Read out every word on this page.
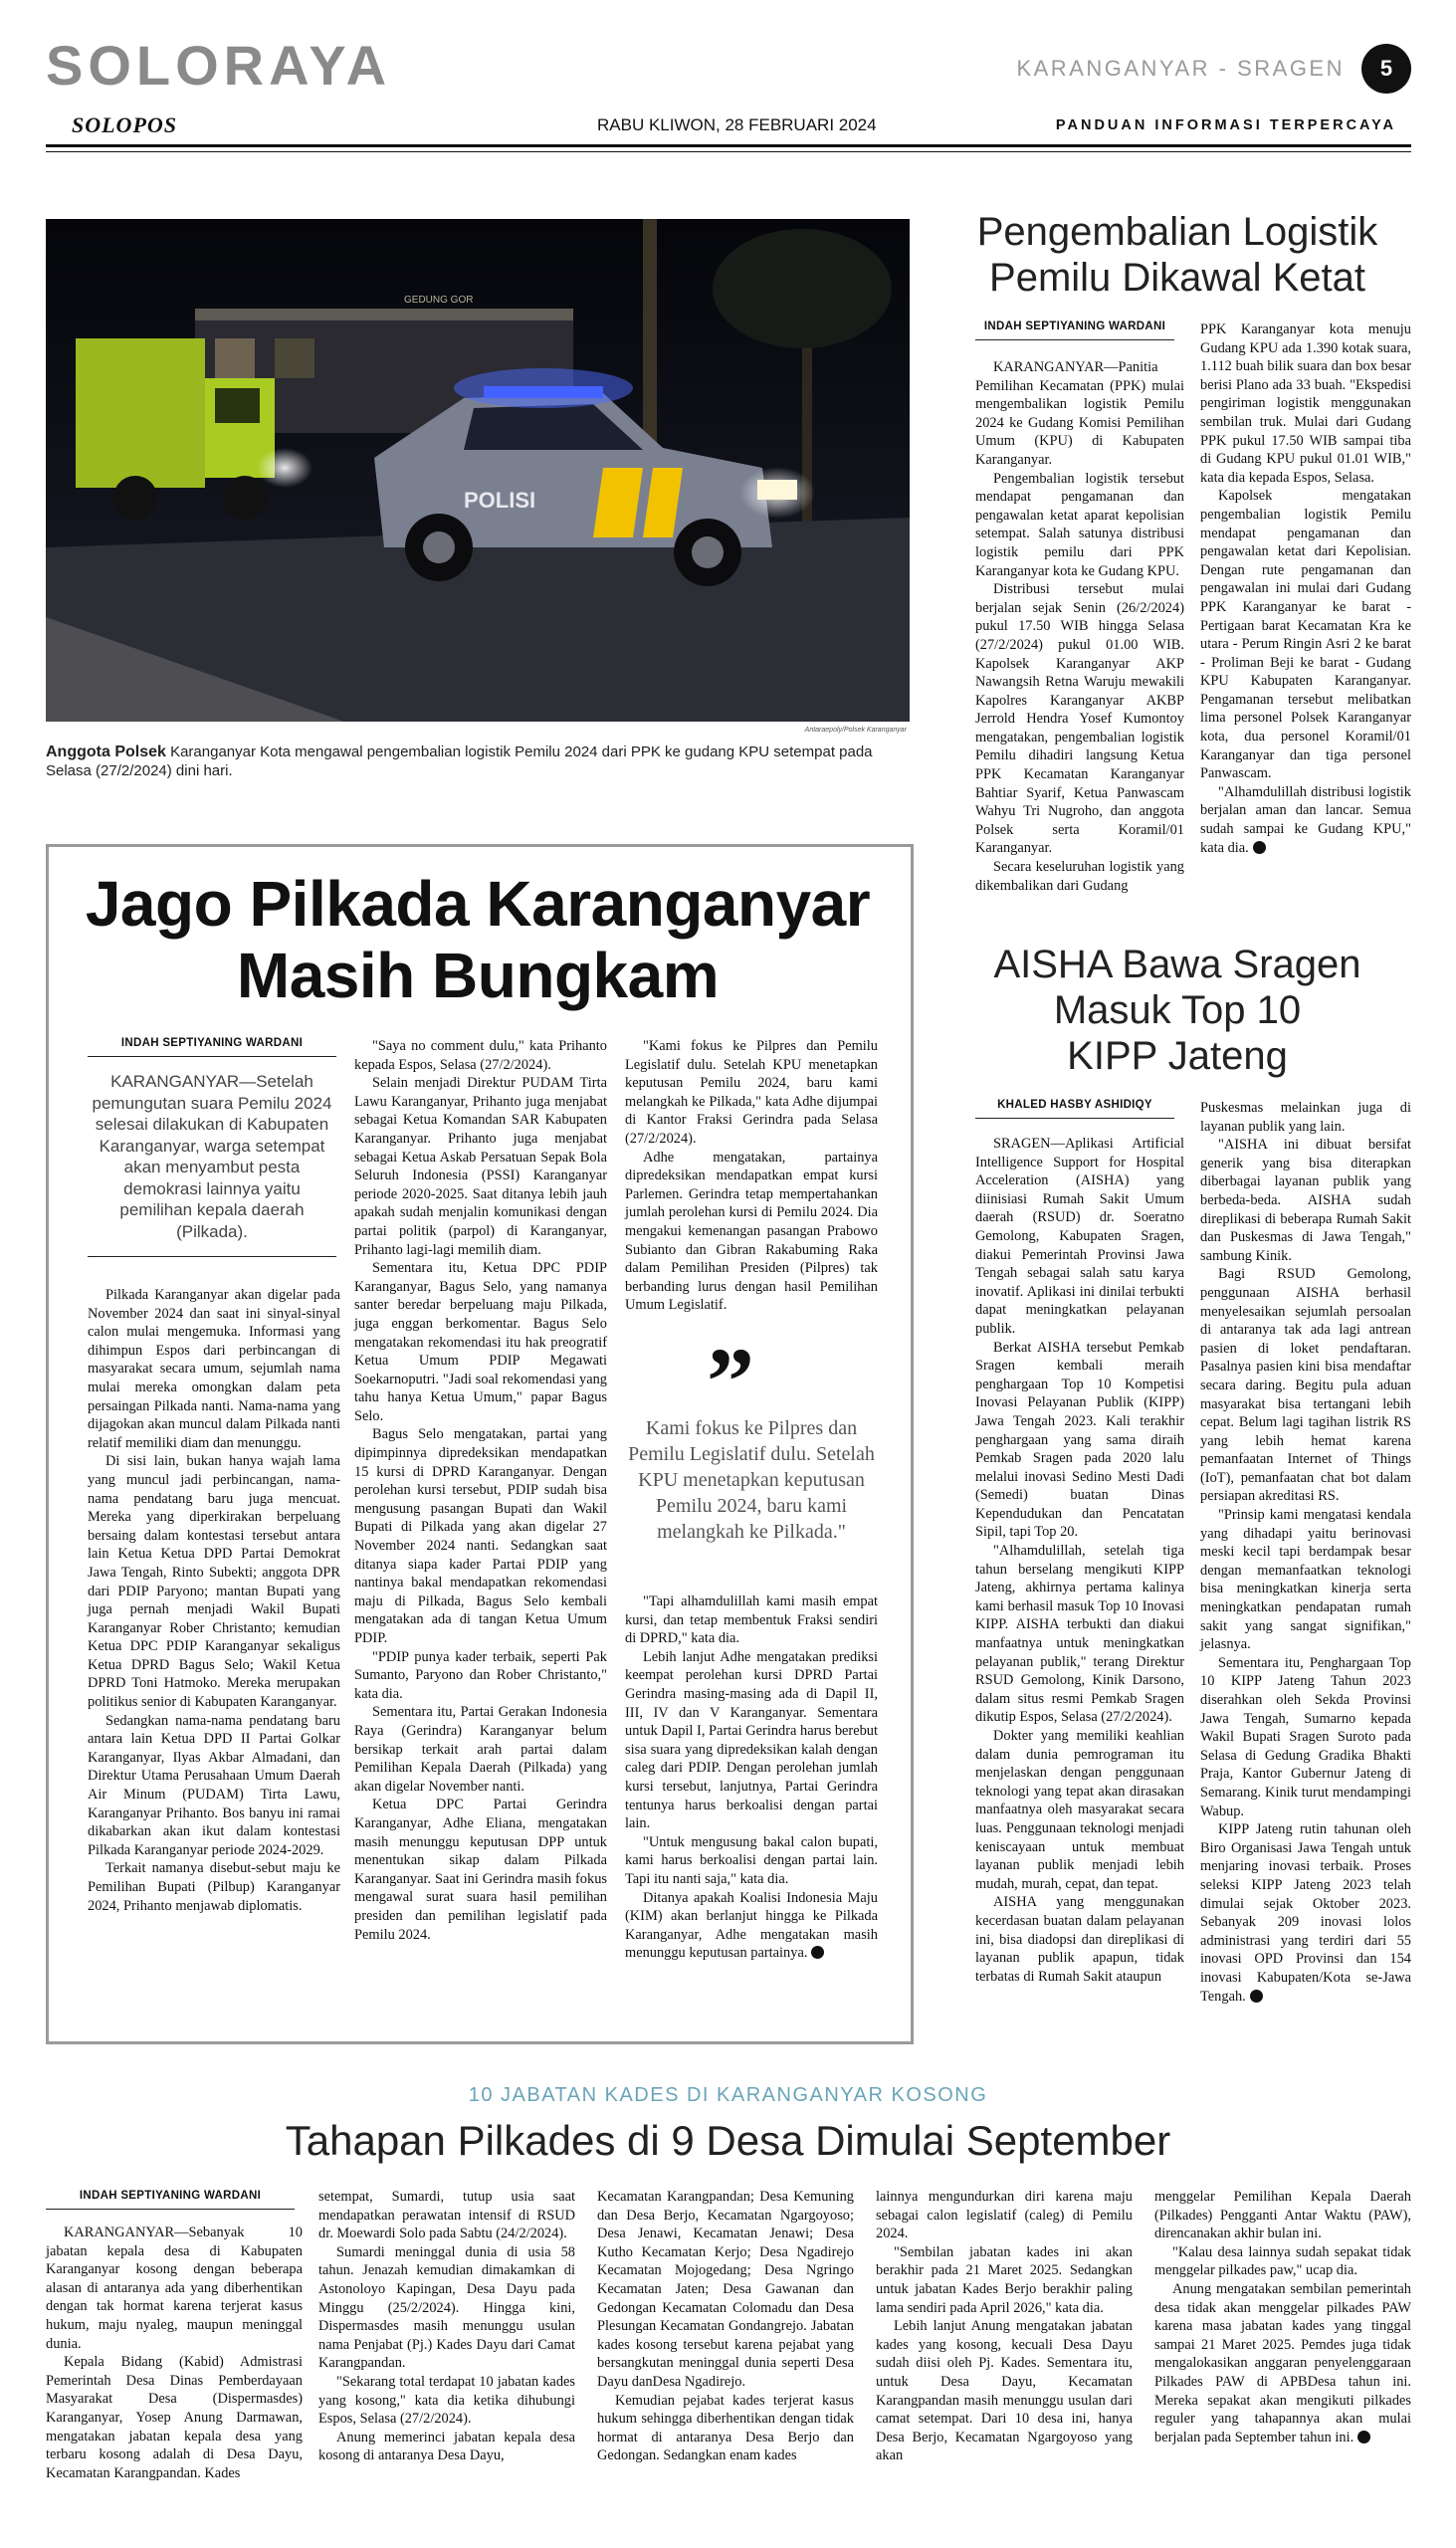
SOLORAYA
SOLOPOS	RABU KLIWON, 28 FEBRUARI 2024
KARANGANYAR - SRAGEN	5
PANDUAN INFORMASI TERPERCAYA
GEDUNG GOR
POLISI
Antaraepoly/Polsek Karanganyar
Anggota Polsek Karanganyar Kota mengawal pengembalian logistik Pemilu 2024 dari PPK ke gudang KPU setempat pada Selasa (27/2/2024) dini hari.
Pengembalian Logistik
Pemilu Dikawal Ketat
INDAH SEPTIYANING WARDANI

KARANGANYAR—Panitia Pemilihan Kecamatan (PPK) mulai mengembalikan logistik Pemilu 2024 ke Gudang Komisi Pemilihan Umum (KPU) di Kabupaten Karanganyar.

Pengembalian logistik tersebut mendapat pengamanan dan pengawalan ketat aparat kepolisian setempat. Salah satunya distribusi logistik pemilu dari PPK Karanganyar kota ke Gudang KPU.

Distribusi tersebut mulai berjalan sejak Senin (26/2/2024) pukul 17.50 WIB hingga Selasa (27/2/2024) pukul 01.00 WIB. Kapolsek Karanganyar AKP Nawangsih Retna Waruju mewakili Kapolres Karanganyar AKBP Jerrold Hendra Yosef Kumontoy mengatakan, pengembalian logistik Pemilu dihadiri langsung Ketua PPK Kecamatan Karanganyar Bahtiar Syarif, Ketua Panwascam Wahyu Tri Nugroho, dan anggota Polsek serta Koramil/01 Karanganyar.

Secara keseluruhan logistik yang dikembalikan dari Gudang

PPK Karanganyar kota menuju Gudang KPU ada 1.390 kotak suara, 1.112 buah bilik suara dan box besar berisi Plano ada 33 buah. "Ekspedisi pengiriman logistik menggunakan sembilan truk. Mulai dari Gudang PPK pukul 17.50 WIB sampai tiba di Gudang KPU pukul 01.01 WIB," kata dia kepada Espos, Selasa.

Kapolsek mengatakan pengembalian logistik Pemilu mendapat pengamanan dan pengawalan ketat dari Kepolisian. Dengan rute pengamanan dan pengawalan ini mulai dari Gudang PPK Karanganyar ke barat - Pertigaan barat Kecamatan Kra ke utara - Perum Ringin Asri 2 ke barat - Proliman Beji ke barat - Gudang KPU Kabupaten Karanganyar. Pengamanan tersebut melibatkan lima personel Polsek Karanganyar kota, dua personel Koramil/01 Karanganyar dan tiga personel Panwascam.

"Alhamdulillah distribusi logistik berjalan aman dan lancar. Semua sudah sampai ke Gudang KPU," kata dia.

Jago Pilkada Karanganyar
Masih Bungkam
INDAH SEPTIYANING WARDANI
KARANGANYAR—Setelah pemungutan suara Pemilu 2024 selesai dilakukan di Kabupaten Karanganyar, warga setempat akan menyambut pesta demokrasi lainnya yaitu pemilihan kepala daerah (Pilkada).

Pilkada Karanganyar akan digelar pada November 2024 dan saat ini sinyal-sinyal calon mulai mengemuka. Informasi yang dihimpun Espos dari perbincangan di masyarakat secara umum, sejumlah nama mulai mereka omongkan dalam peta persaingan Pilkada nanti. Nama-nama yang dijagokan akan muncul dalam Pilkada nanti relatif memiliki diam dan menunggu.

Di sisi lain, bukan hanya wajah lama yang muncul jadi perbincangan, nama-nama pendatang baru juga mencuat. Mereka yang diperkirakan berpeluang bersaing dalam kontestasi tersebut antara lain Ketua Ketua DPD Partai Demokrat Jawa Tengah, Rinto Subekti; anggota DPR dari PDIP Paryono; mantan Bupati yang juga pernah menjadi Wakil Bupati Karanganyar Rober Christanto; kemudian Ketua DPC PDIP Karanganyar sekaligus Ketua DPRD Bagus Selo; Wakil Ketua DPRD Toni Hatmoko. Mereka merupakan politikus senior di Kabupaten Karanganyar.

Sedangkan nama-nama pendatang baru antara lain Ketua DPD II Partai Golkar Karanganyar, Ilyas Akbar Almadani, dan Direktur Utama Perusahaan Umum Daerah Air Minum (PUDAM) Tirta Lawu, Karanganyar Prihanto. Bos banyu ini ramai dikabarkan akan ikut dalam kontestasi Pilkada Karanganyar periode 2024-2029.

Terkait namanya disebut-sebut maju ke Pemilihan Bupati (Pilbup) Karanganyar 2024, Prihanto menjawab diplomatis.

"Saya no comment dulu," kata Prihanto kepada Espos, Selasa (27/2/2024).

Selain menjadi Direktur PUDAM Tirta Lawu Karanganyar, Prihanto juga menjabat sebagai Ketua Komandan SAR Kabupaten Karanganyar. Prihanto juga menjabat sebagai Ketua Askab Persatuan Sepak Bola Seluruh Indonesia (PSSI) Karanganyar periode 2020-2025. Saat ditanya lebih jauh apakah sudah menjalin komunikasi dengan partai politik (parpol) di Karanganyar, Prihanto lagi-lagi memilih diam.

Sementara itu, Ketua DPC PDIP Karanganyar, Bagus Selo, yang namanya santer beredar berpeluang maju Pilkada, juga enggan berkomentar. Bagus Selo mengatakan rekomendasi itu hak preogratif Ketua Umum PDIP Megawati Soekarnoputri. "Jadi soal rekomendasi yang tahu hanya Ketua Umum," papar Bagus Selo.

Bagus Selo mengatakan, partai yang dipimpinnya dipredeksikan mendapatkan 15 kursi di DPRD Karanganyar. Dengan perolehan kursi tersebut, PDIP sudah bisa mengusung pasangan Bupati dan Wakil Bupati di Pilkada yang akan digelar 27 November 2024 nanti. Sedangkan saat ditanya siapa kader Partai PDIP yang nantinya bakal mendapatkan rekomendasi maju di Pilkada, Bagus Selo kembali mengatakan ada di tangan Ketua Umum PDIP.

"PDIP punya kader terbaik, seperti Pak Sumanto, Paryono dan Rober Christanto," kata dia.

Sementara itu, Partai Gerakan Indonesia Raya (Gerindra) Karanganyar belum bersikap terkait arah partai dalam Pemilihan Kepala Daerah (Pilkada) yang akan digelar November nanti.

Ketua DPC Partai Gerindra Karanganyar, Adhe Eliana, mengatakan masih menunggu keputusan DPP untuk menentukan sikap dalam Pilkada Karanganyar. Saat ini Gerindra masih fokus mengawal surat suara hasil pemilihan presiden dan pemilihan legislatif pada Pemilu 2024.

"Kami fokus ke Pilpres dan Pemilu Legislatif dulu. Setelah KPU menetapkan keputusan Pemilu 2024, baru kami melangkah ke Pilkada," kata Adhe dijumpai di Kantor Fraksi Gerindra pada Selasa (27/2/2024).

Adhe mengatakan, partainya dipredeksikan mendapatkan empat kursi Parlemen. Gerindra tetap mempertahankan jumlah perolehan kursi di Pemilu 2024. Dia mengakui kemenangan pasangan Prabowo Subianto dan Gibran Rakabuming Raka dalam Pemilihan Presiden (Pilpres) tak berbanding lurus dengan hasil Pemilihan Umum Legislatif.

”
Kami fokus ke Pilpres dan Pemilu Legislatif dulu. Setelah KPU menetapkan keputusan Pemilu 2024, baru kami melangkah ke Pilkada."

"Tapi alhamdulillah kami masih empat kursi, dan tetap membentuk Fraksi sendiri di DPRD," kata dia.

Lebih lanjut Adhe mengatakan prediksi keempat perolehan kursi DPRD Partai Gerindra masing-masing ada di Dapil II, III, IV dan V Karanganyar. Sementara untuk Dapil I, Partai Gerindra harus berebut sisa suara yang dipredeksikan kalah dengan caleg dari PDIP. Dengan perolehan jumlah kursi tersebut, lanjutnya, Partai Gerindra tentunya harus berkoalisi dengan partai lain.

"Untuk mengusung bakal calon bupati, kami harus berkoalisi dengan partai lain. Tapi itu nanti saja," kata dia.

Ditanya apakah Koalisi Indonesia Maju (KIM) akan berlanjut hingga ke Pilkada Karanganyar, Adhe mengatakan masih menunggu keputusan partainya.

AISHA Bawa Sragen
Masuk Top 10
KIPP Jateng
KHALED HASBY ASHIDIQY

SRAGEN—Aplikasi Artificial Intelligence Support for Hospital Acceleration (AISHA) yang diinisiasi Rumah Sakit Umum daerah (RSUD) dr. Soeratno Gemolong, Kabupaten Sragen, diakui Pemerintah Provinsi Jawa Tengah sebagai salah satu karya inovatif. Aplikasi ini dinilai terbukti dapat meningkatkan pelayanan publik.

Berkat AISHA tersebut Pemkab Sragen kembali meraih penghargaan Top 10 Kompetisi Inovasi Pelayanan Publik (KIPP) Jawa Tengah 2023. Kali terakhir penghargaan yang sama diraih Pemkab Sragen pada 2020 lalu melalui inovasi Sedino Mesti Dadi (Semedi) buatan Dinas Kependudukan dan Pencatatan Sipil, tapi Top 20.

"Alhamdulillah, setelah tiga tahun berselang mengikuti KIPP Jateng, akhirnya pertama kalinya kami berhasil masuk Top 10 Inovasi KIPP. AISHA terbukti dan diakui manfaatnya untuk meningkatkan pelayanan publik," terang Direktur RSUD Gemolong, Kinik Darsono, dalam situs resmi Pemkab Sragen dikutip Espos, Selasa (27/2/2024).

Dokter yang memiliki keahlian dalam dunia pemrograman itu menjelaskan dengan penggunaan teknologi yang tepat akan dirasakan manfaatnya oleh masyarakat secara luas. Penggunaan teknologi menjadi keniscayaan untuk membuat layanan publik menjadi lebih mudah, murah, cepat, dan tepat.

AISHA yang menggunakan kecerdasan buatan dalam pelayanan ini, bisa diadopsi dan direplikasi di layanan publik apapun, tidak terbatas di Rumah Sakit ataupun

Puskesmas melainkan juga di layanan publik yang lain.

"AISHA ini dibuat bersifat generik yang bisa diterapkan diberbagai layanan publik yang berbeda-beda. AISHA sudah direplikasi di beberapa Rumah Sakit dan Puskesmas di Jawa Tengah," sambung Kinik.

Bagi RSUD Gemolong, penggunaan AISHA berhasil menyelesaikan sejumlah persoalan di antaranya tak ada lagi antrean pasien di loket pendaftaran. Pasalnya pasien kini bisa mendaftar secara daring. Begitu pula aduan masyarakat bisa tertangani lebih cepat. Belum lagi tagihan listrik RS yang lebih hemat karena pemanfaatan Internet of Things (IoT), pemanfaatan chat bot dalam persiapan akreditasi RS.

"Prinsip kami mengatasi kendala yang dihadapi yaitu berinovasi meski kecil tapi berdampak besar dengan memanfaatkan teknologi bisa meningkatkan kinerja serta meningkatkan pendapatan rumah sakit yang sangat signifikan," jelasnya.

Sementara itu, Penghargaan Top 10 KIPP Jateng Tahun 2023 diserahkan oleh Sekda Provinsi Jawa Tengah, Sumarno kepada Wakil Bupati Sragen Suroto pada Selasa di Gedung Gradika Bhakti Praja, Kantor Gubernur Jateng di Semarang. Kinik turut mendampingi Wabup.

KIPP Jateng rutin tahunan oleh Biro Organisasi Jawa Tengah untuk menjaring inovasi terbaik. Proses seleksi KIPP Jateng 2023 telah dimulai sejak Oktober 2023. Sebanyak 209 inovasi lolos administrasi yang terdiri dari 55 inovasi OPD Provinsi dan 154 inovasi Kabupaten/Kota se-Jawa Tengah.

10 JABATAN KADES DI KARANGANYAR KOSONG
Tahapan Pilkades di 9 Desa Dimulai September
INDAH SEPTIYANING WARDANI

KARANGANYAR—Sebanyak 10 jabatan kepala desa di Kabupaten Karanganyar kosong dengan beberapa alasan di antaranya ada yang diberhentikan dengan tak hormat karena terjerat kasus hukum, maju nyaleg, maupun meninggal dunia.

Kepala Bidang (Kabid) Admistrasi Pemerintah Desa Dinas Pemberdayaan Masyarakat Desa (Dispermasdes) Karanganyar, Yosep Anung Darmawan, mengatakan jabatan kepala desa yang terbaru kosong adalah di Desa Dayu, Kecamatan Karangpandan. Kades

setempat, Sumardi, tutup usia saat mendapatkan perawatan intensif di RSUD dr. Moewardi Solo pada Sabtu (24/2/2024).

Sumardi meninggal dunia di usia 58 tahun. Jenazah kemudian dimakamkan di Astonoloyo Kapingan, Desa Dayu pada Minggu (25/2/2024). Hingga kini, Dispermasdes masih menunggu usulan nama Penjabat (Pj.) Kades Dayu dari Camat Karangpandan.

"Sekarang total terdapat 10 jabatan kades yang kosong," kata dia ketika dihubungi Espos, Selasa (27/2/2024).

Anung memerinci jabatan kepala desa kosong di antaranya Desa Dayu,

Kecamatan Karangpandan; Desa Kemuning dan Desa Berjo, Kecamatan Ngargoyoso; Desa Jenawi, Kecamatan Jenawi; Desa Kutho Kecamatan Kerjo; Desa Ngadirejo Kecamatan Mojogedang; Desa Ngringo Kecamatan Jaten; Desa Gawanan dan Gedongan Kecamatan Colomadu dan Desa Plesungan Kecamatan Gondangrejo. Jabatan kades kosong tersebut karena pejabat yang bersangkutan meninggal dunia seperti Desa Dayu danDesa Ngadirejo.

Kemudian pejabat kades terjerat kasus hukum sehingga diberhentikan dengan tidak hormat di antaranya Desa Berjo dan Gedongan. Sedangkan enam kades

lainnya mengundurkan diri karena maju sebagai calon legislatif (caleg) di Pemilu 2024.

"Sembilan jabatan kades ini akan berakhir pada 21 Maret 2025. Sedangkan untuk jabatan Kades Berjo berakhir paling lama sendiri pada April 2026," kata dia.

Lebih lanjut Anung mengatakan jabatan kades yang kosong, kecuali Desa Dayu sudah diisi oleh Pj. Kades. Sementara itu, untuk Desa Dayu, Kecamatan Karangpandan masih menunggu usulan dari camat setempat. Dari 10 desa ini, hanya Desa Berjo, Kecamatan Ngargoyoso yang akan

menggelar Pemilihan Kepala Daerah (Pilkades) Pengganti Antar Waktu (PAW), direncanakan akhir bulan ini.

"Kalau desa lainnya sudah sepakat tidak menggelar pilkades paw," ucap dia.

Anung mengatakan sembilan pemerintah desa tidak akan menggelar pilkades PAW karena masa jabatan kades yang tinggal sampai 21 Maret 2025. Pemdes juga tidak mengalokasikan anggaran penyelenggaraan Pilkades PAW di APBDesa tahun ini. Mereka sepakat akan mengikuti pilkades reguler yang tahapannya akan mulai berjalan pada September tahun ini.
